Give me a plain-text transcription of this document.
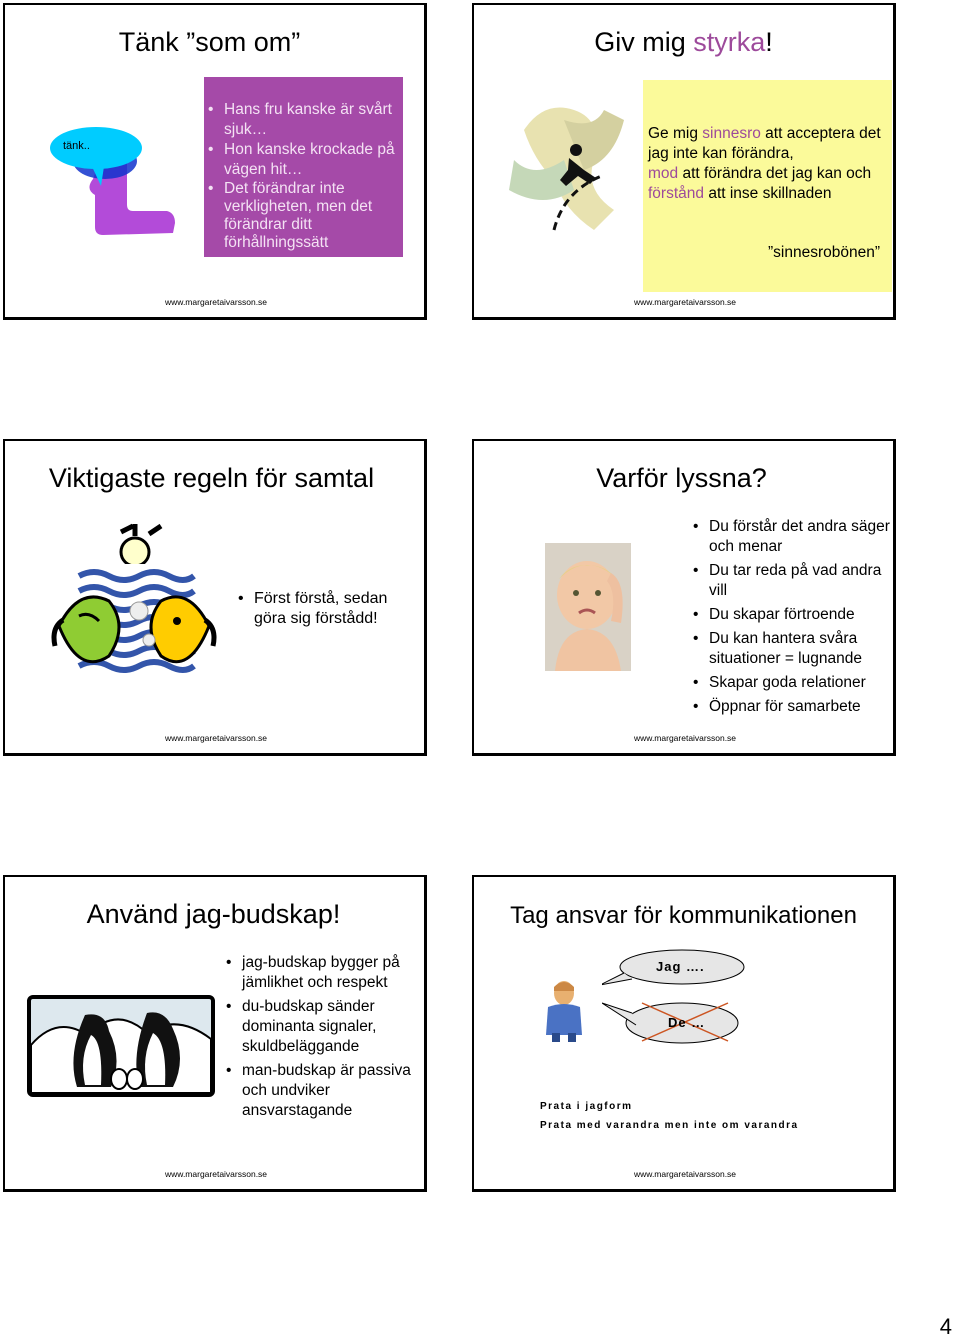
Tänk ”som om”
tänk..
• Hans fru kanske är svårt sjuk…
• Hon kanske krockade på vägen hit…
• Det förändrar inte verkligheten, men det förändrar ditt förhållningssätt
www.margaretaivarsson.se
Giv mig styrka!
Ge mig sinnesro att acceptera det jag inte kan förändra,
mod att förändra det jag kan och förstånd att inse skillnaden
”sinnesrobönen”
www.margaretaivarsson.se
Viktigaste regeln för samtal
• Först förstå, sedan göra sig förstådd!
www.margaretaivarsson.se
Varför lyssna?
• Du förstår det andra säger och menar
• Du tar reda på vad andra vill
• Du skapar förtroende
• Du kan hantera svåra situationer = lugnande
• Skapar goda relationer
• Öppnar för samarbete
www.margaretaivarsson.se
Använd jag-budskap!
• jag-budskap bygger på jämlikhet och respekt
• du-budskap sänder dominanta signaler, skuldbeläggande
• man-budskap är passiva och undviker ansvarstagande
www.margaretaivarsson.se
Tag ansvar för kommunikationen
Jag ….
De …
Prata i jagform
Prata med varandra men inte om varandra
www.margaretaivarsson.se
4
